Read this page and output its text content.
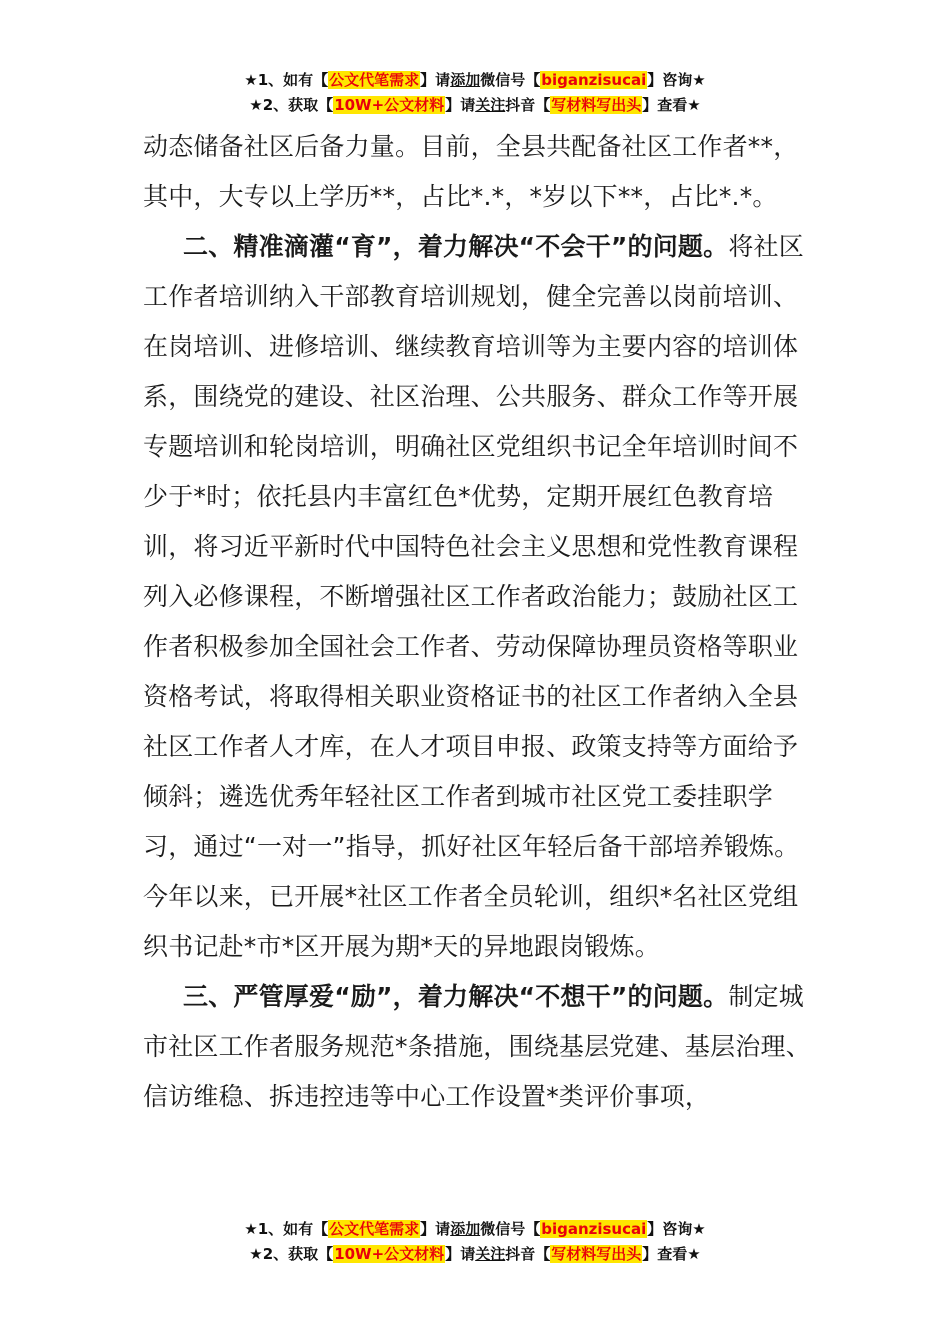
★1、如有【公文代笔需求】请添加微信号【biganzisucai】咨询★
★2、获取【10W+公文材料】请关注抖音【写材料写出头】查看★

动态储备社区后备力量。目前，全县共配备社区工作者**，其中，大专以上学历**，占比*.*，*岁以下**，占比*.*。

二、精准滴灌“育”，着力解决“不会干”的问题。将社区工作者培训纳入干部教育培训规划，健全完善以岗前培训、在岗培训、进修培训、继续教育培训等为主要内容的培训体系，围绕党的建设、社区治理、公共服务、群众工作等开展专题培训和轮岗培训，明确社区党组织书记全年培训时间不少于*时；依托县内丰富红色*优势，定期开展红色教育培训，将习近平新时代中国特色社会主义思想和党性教育课程列入必修课程，不断增强社区工作者政治能力；鼓励社区工作者积极参加全国社会工作者、劳动保障协理员资格等职业资格考试，将取得相关职业资格证书的社区工作者纳入全县社区工作者人才库，在人才项目申报、政策支持等方面给予倾斜；遴选优秀年轻社区工作者到城市社区党工委挂职学习，通过“一对一”指导，抓好社区年轻后备干部培养锻炼。今年以来，已开展*社区工作者全员轮训，组织*名社区党组织书记赴*市*区开展为期*天的异地跟岗锻炼。

三、严管厚爱“励”，着力解决“不想干”的问题。制定城市社区工作者服务规范*条措施，围绕基层党建、基层治理、信访维稳、拆违控违等中心工作设置*类评价事项，

★1、如有【公文代笔需求】请添加微信号【biganzisucai】咨询★
★2、获取【10W+公文材料】请关注抖音【写材料写出头】查看★
